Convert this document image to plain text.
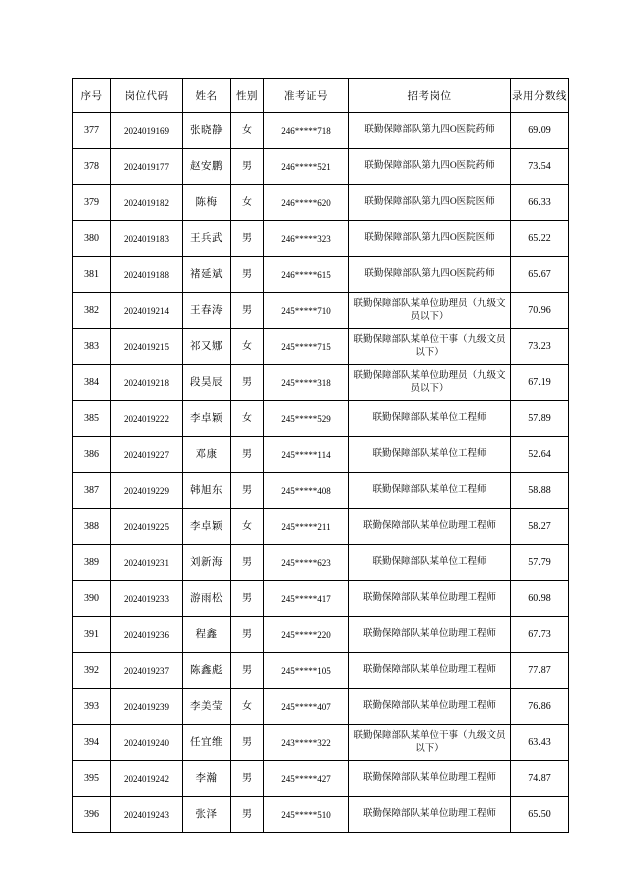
序号	岗位代码	姓名	性别	准考证号	招考岗位	录用分数线
377	2024019169	张晓静	女	246*****718	联勤保障部队第九四O医院药师	69.09
378	2024019177	赵安鹏	男	246*****521	联勤保障部队第九四O医院药师	73.54
379	2024019182	陈梅	女	246*****620	联勤保障部队第九四O医院医师	66.33
380	2024019183	王兵武	男	246*****323	联勤保障部队第九四O医院医师	65.22
381	2024019188	褚延斌	男	246*****615	联勤保障部队第九四O医院药师	65.67
382	2024019214	王春涛	男	245*****710	联勤保障部队某单位助理员（九级文员以下）	70.96
383	2024019215	祁又娜	女	245*****715	联勤保障部队某单位干事（九级文员以下）	73.23
384	2024019218	段昊辰	男	245*****318	联勤保障部队某单位助理员（九级文员以下）	67.19
385	2024019222	李卓颖	女	245*****529	联勤保障部队某单位工程师	57.89
386	2024019227	邓康	男	245*****114	联勤保障部队某单位工程师	52.64
387	2024019229	韩旭东	男	245*****408	联勤保障部队某单位工程师	58.88
388	2024019225	李卓颖	女	245*****211	联勤保障部队某单位助理工程师	58.27
389	2024019231	刘新海	男	245*****623	联勤保障部队某单位工程师	57.79
390	2024019233	游雨松	男	245*****417	联勤保障部队某单位助理工程师	60.98
391	2024019236	程鑫	男	245*****220	联勤保障部队某单位助理工程师	67.73
392	2024019237	陈鑫彪	男	245*****105	联勤保障部队某单位助理工程师	77.87
393	2024019239	李美莹	女	245*****407	联勤保障部队某单位助理工程师	76.86
394	2024019240	任宜维	男	243*****322	联勤保障部队某单位干事（九级文员以下）	63.43
395	2024019242	李瀚	男	245*****427	联勤保障部队某单位助理工程师	74.87
396	2024019243	张泽	男	245*****510	联勤保障部队某单位助理工程师	65.50
